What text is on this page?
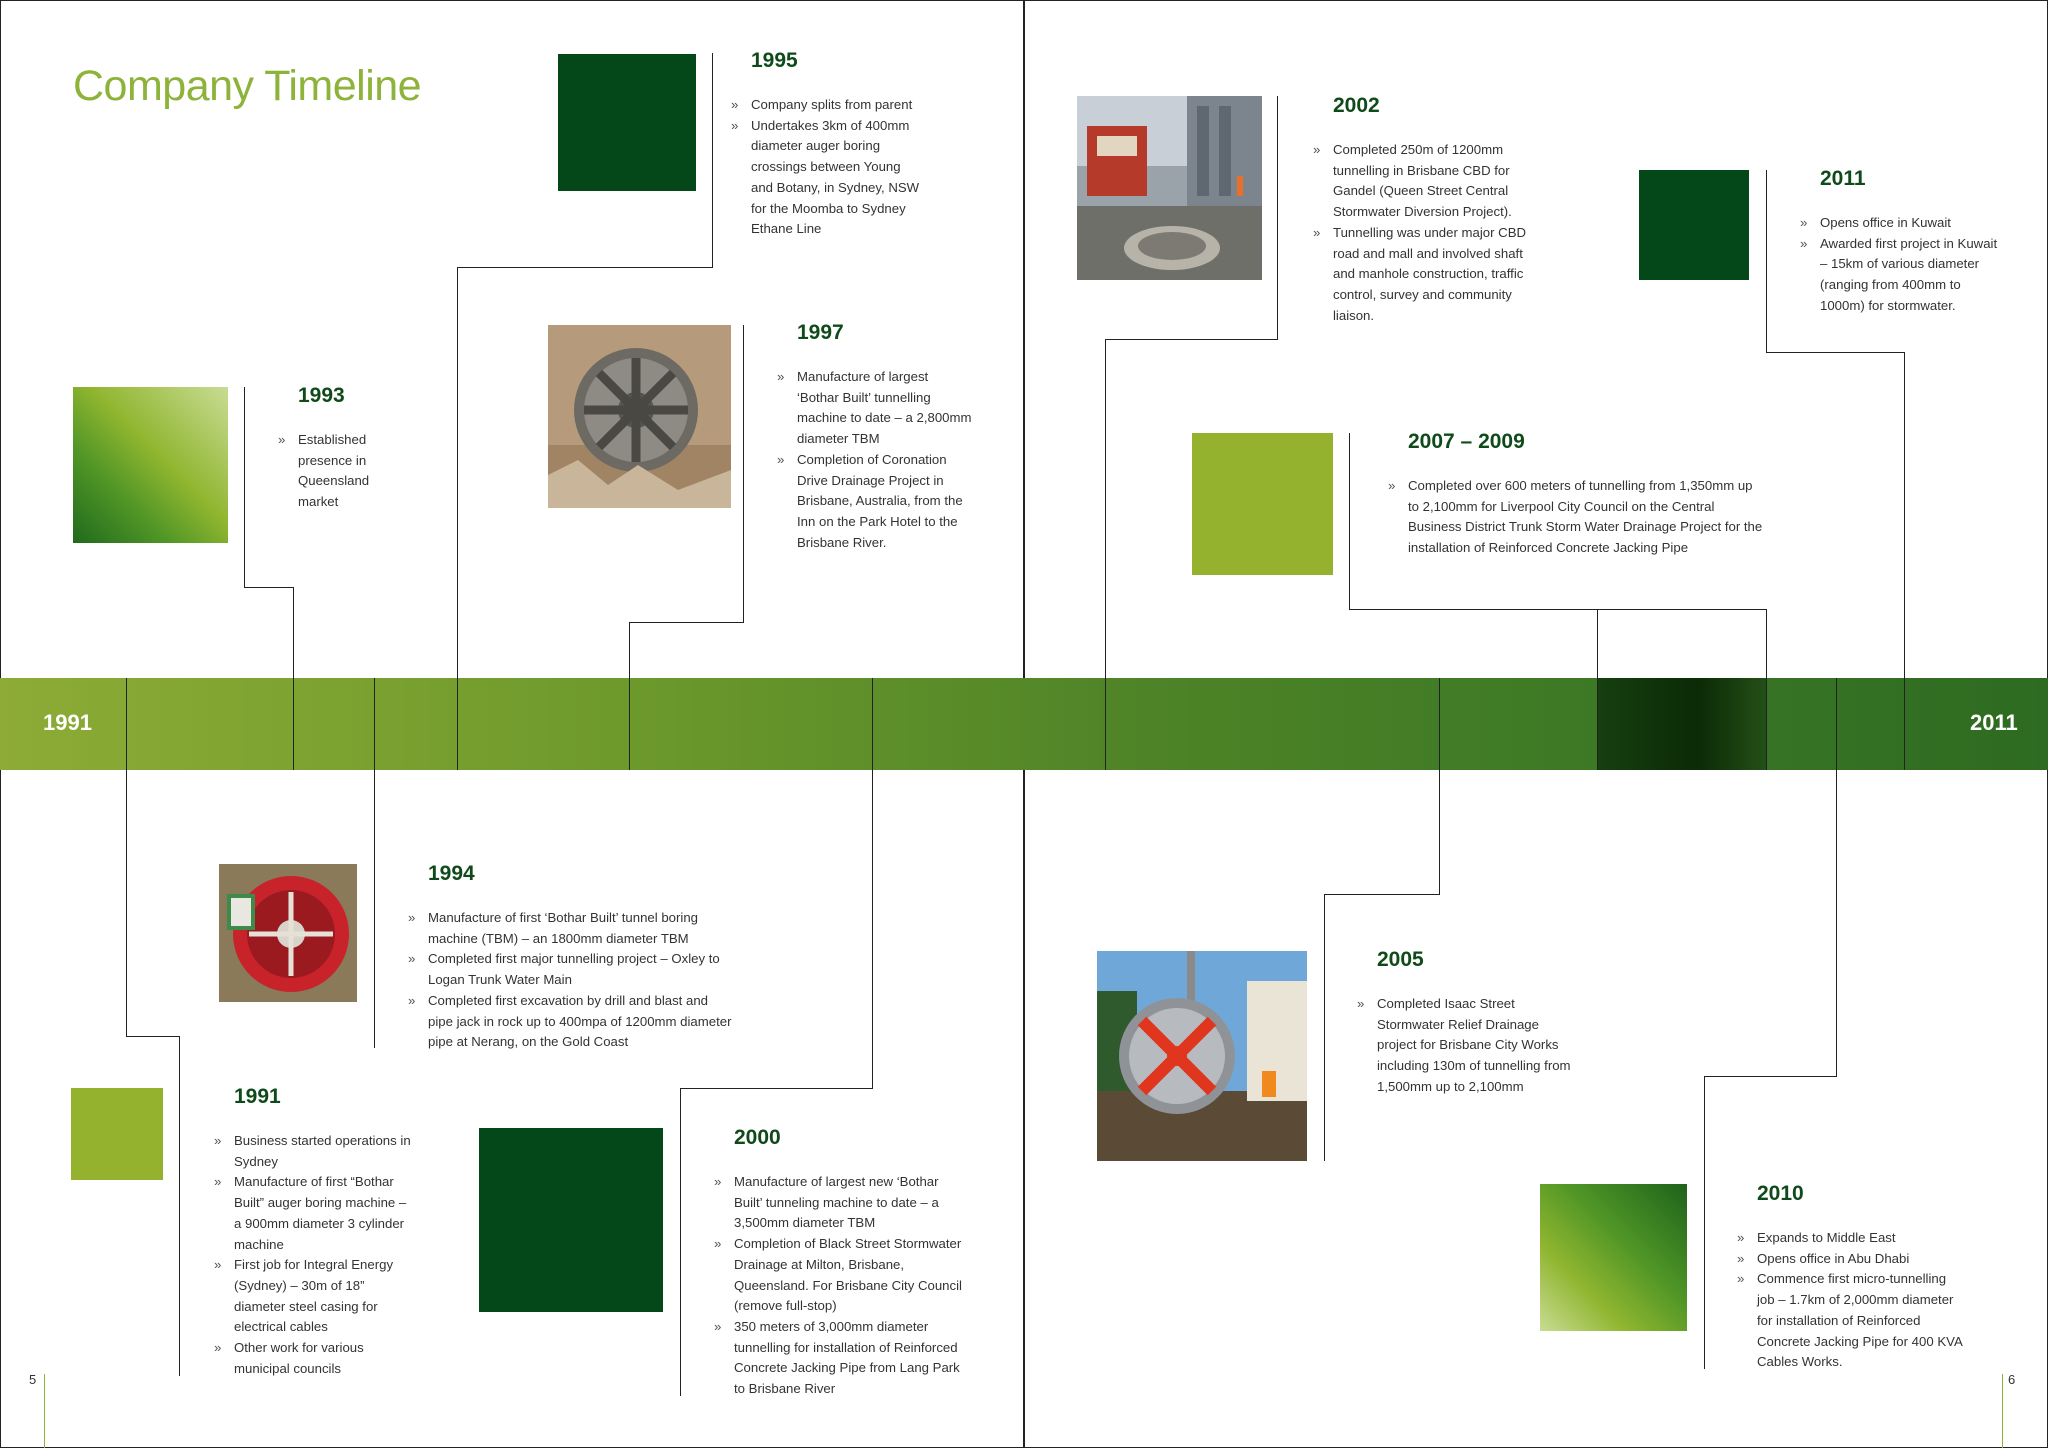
Company Timeline
1991	2011
1995
» Company splits from parent
» Undertakes 3km of 400mm diameter auger boring crossings between Young and Botany, in Sydney, NSW for the Moomba to Sydney Ethane Line
1997
» Manufacture of largest ‘Bothar Built’ tunnelling machine to date – a 2,800mm diameter TBM
» Completion of Coronation Drive Drainage Project in Brisbane, Australia, from the Inn on the Park Hotel to the Brisbane River.
1993
» Established presence in Queensland market
1994
» Manufacture of first ‘Bothar Built’ tunnel boring machine (TBM) – an 1800mm diameter TBM
» Completed first major tunnelling project – Oxley to Logan Trunk Water Main
» Completed first excavation by drill and blast and pipe jack in rock up to 400mpa of 1200mm diameter pipe at Nerang, on the Gold Coast
1991
» Business started operations in Sydney
» Manufacture of first “Bothar Built” auger boring machine – a 900mm diameter 3 cylinder machine
» First job for Integral Energy (Sydney) – 30m of 18” diameter steel casing for electrical cables
» Other work for various municipal councils
2000
» Manufacture of largest new ‘Bothar Built’ tunneling machine to date – a 3,500mm diameter TBM
» Completion of Black Street Stormwater Drainage at Milton, Brisbane, Queensland. For Brisbane City Council (remove full-stop)
» 350 meters of 3,000mm diameter tunnelling for installation of Reinforced Concrete Jacking Pipe from Lang Park to Brisbane River
2002
» Completed 250m of 1200mm tunnelling in Brisbane CBD for Gandel (Queen Street Central Stormwater Diversion Project).
» Tunnelling was under major CBD road and mall and involved shaft and manhole construction, traffic control, survey and community liaison.
2011
» Opens office in Kuwait
» Awarded first project in Kuwait – 15km of various diameter (ranging from 400mm to 1000m) for stormwater.
2007 – 2009
» Completed over 600 meters of tunnelling from 1,350mm up to 2,100mm for Liverpool City Council on the Central Business District Trunk Storm Water Drainage Project for the installation of Reinforced Concrete Jacking Pipe
2005
» Completed Isaac Street Stormwater Relief Drainage project for Brisbane City Works including 130m of tunnelling from 1,500mm up to 2,100mm
2010
» Expands to Middle East
» Opens office in Abu Dhabi
» Commence first micro-tunnelling job – 1.7km of 2,000mm diameter for installation of Reinforced Concrete Jacking Pipe for 400 KVA Cables Works.
5	6
